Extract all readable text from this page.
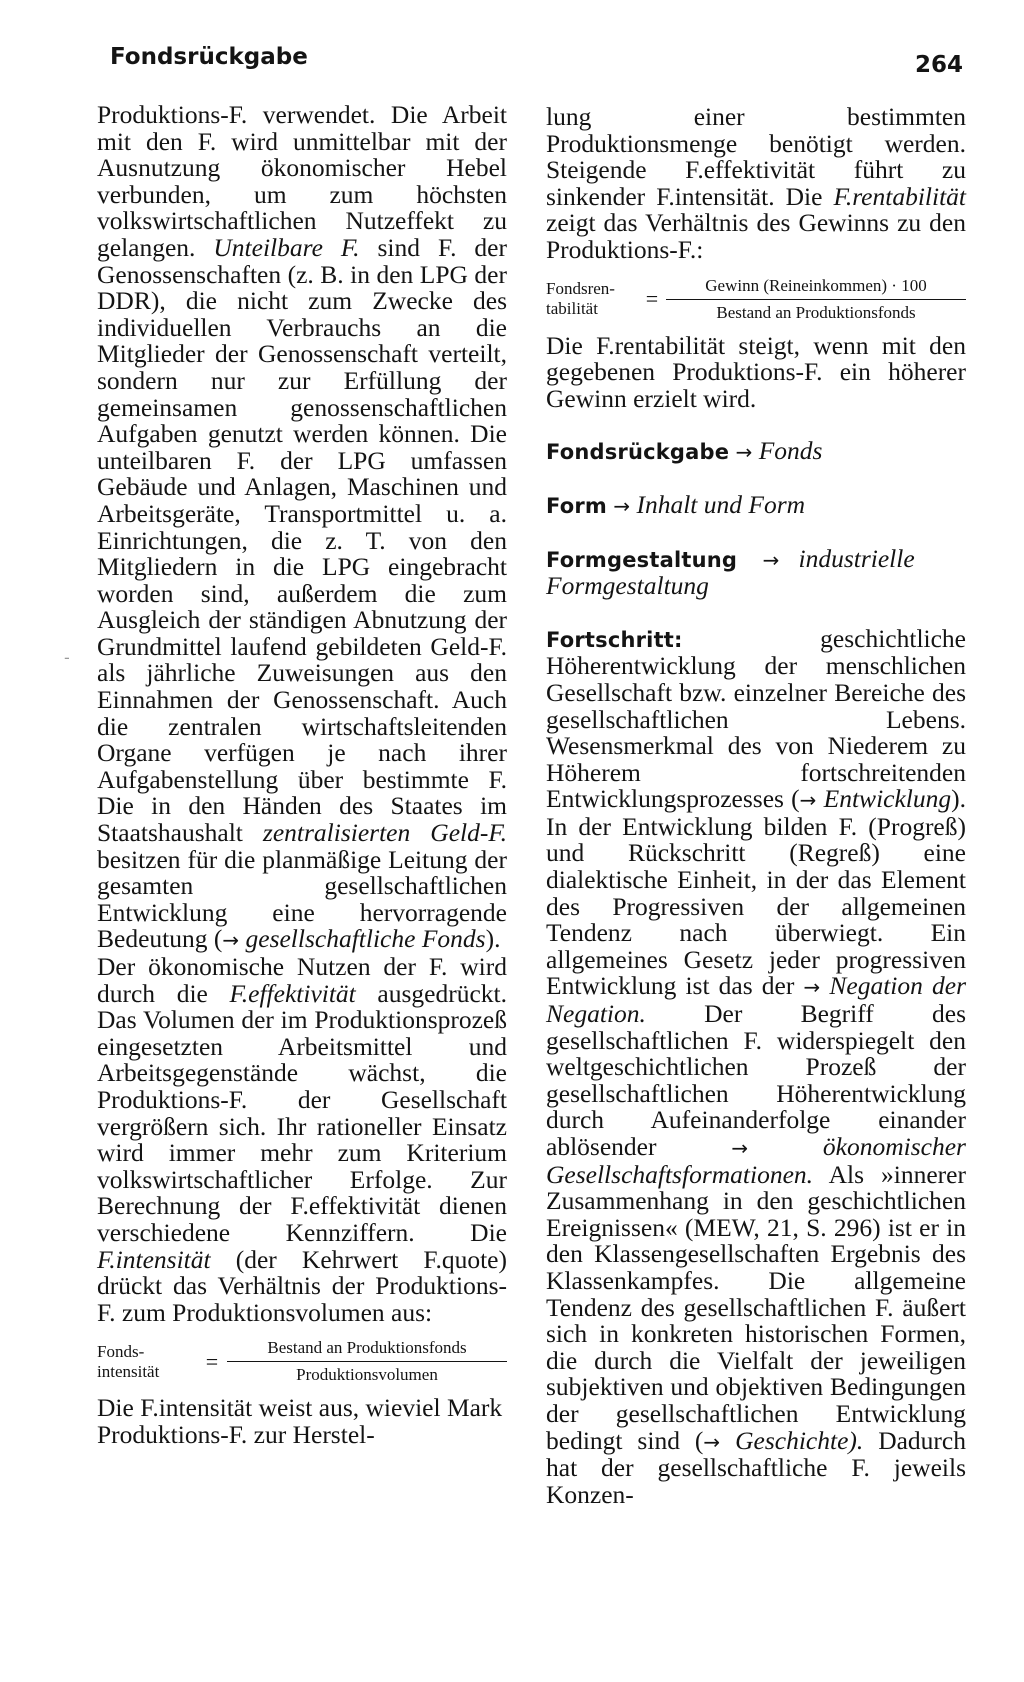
Fondsrückgabe	264
-

Produktions-F. verwendet. Die Arbeit mit den F. wird unmittelbar mit der Ausnutzung ökonomischer Hebel verbunden, um zum höchsten volkswirtschaftlichen Nutzeffekt zu gelangen. Unteilbare F. sind F. der Genossenschaften (z. B. in den LPG der DDR), die nicht zum Zwecke des individuellen Verbrauchs an die Mitglieder der Genossenschaft verteilt, sondern nur zur Erfüllung der gemeinsamen genossenschaftlichen Aufgaben genutzt werden können. Die unteilbaren F. der LPG umfassen Gebäude und Anlagen, Maschinen und Arbeitsgeräte, Transportmittel u. a. Einrichtungen, die z. T. von den Mitgliedern in die LPG eingebracht worden sind, außerdem die zum Ausgleich der ständigen Abnutzung der Grundmittel laufend gebildeten Geld-F. als jährliche Zuweisungen aus den Einnahmen der Genossenschaft. Auch die zentralen wirtschaftsleitenden Organe verfügen je nach ihrer Aufgabenstellung über bestimmte F. Die in den Händen des Staates im Staatshaushalt zentralisierten Geld-F. besitzen für die planmäßige Leitung der gesamten gesellschaftlichen Entwicklung eine hervorragende Bedeutung (→ gesellschaftliche Fonds).

Der ökonomische Nutzen der F. wird durch die F.effektivität ausgedrückt. Das Volumen der im Produktionsprozeß eingesetzten Arbeitsmittel und Arbeitsgegenstände wächst, die Produktions-F. der Gesellschaft vergrößern sich. Ihr rationeller Einsatz wird immer mehr zum Kriterium volkswirtschaftlicher Erfolge. Zur Berechnung der F.effektivität dienen verschiedene Kennziffern. Die F.intensität (der Kehrwert F.quote) drückt das Verhältnis der Produktions-F. zum Produktionsvolumen aus:

Fonds-
intensität	= $\frac{\text{Bestand an Produktionsfonds}}{\text{Produktionsvolumen}}$

Die F.intensität weist aus, wieviel Mark Produktions-F. zur Herstel-

lung einer bestimmten Produktionsmenge benötigt werden. Steigende F.effektivität führt zu sinkender F.intensität. Die F.rentabilität zeigt das Verhältnis des Gewinns zu den Produktions-F.:

Fondsren-
tabilität	= $\frac{\text{Gewinn (Reineinkommen) · 100}}{\text{Bestand an Produktionsfonds}}$

Die F.rentabilität steigt, wenn mit den gegebenen Produktions-F. ein höherer Gewinn erzielt wird.

Fondsrückgabe → Fonds

Form → Inhalt und Form

Formgestaltung → industrielle Formgestaltung

Fortschritt: geschichtliche Höherentwicklung der menschlichen Gesellschaft bzw. einzelner Bereiche des gesellschaftlichen Lebens. Wesensmerkmal des von Niederem zu Höherem fortschreitenden Entwicklungsprozesses (→ Entwicklung). In der Entwicklung bilden F. (Progreß) und Rückschritt (Regreß) eine dialektische Einheit, in der das Element des Progressiven der allgemeinen Tendenz nach überwiegt. Ein allgemeines Gesetz jeder progressiven Entwicklung ist das der → Negation der Negation. Der Begriff des gesellschaftlichen F. widerspiegelt den weltgeschichtlichen Prozeß der gesellschaftlichen Höherentwicklung durch Aufeinanderfolge einander ablösender → ökonomischer Gesellschaftsformationen. Als »innerer Zusammenhang in den geschichtlichen Ereignissen« (MEW, 21, S. 296) ist er in den Klassengesellschaften Ergebnis des Klassenkampfes. Die allgemeine Tendenz des gesellschaftlichen F. äußert sich in konkreten historischen Formen, die durch die Vielfalt der jeweiligen subjektiven und objektiven Bedingungen der gesellschaftlichen Entwicklung bedingt sind (→ Geschichte). Dadurch hat der gesellschaftliche F. jeweils Konzen-
